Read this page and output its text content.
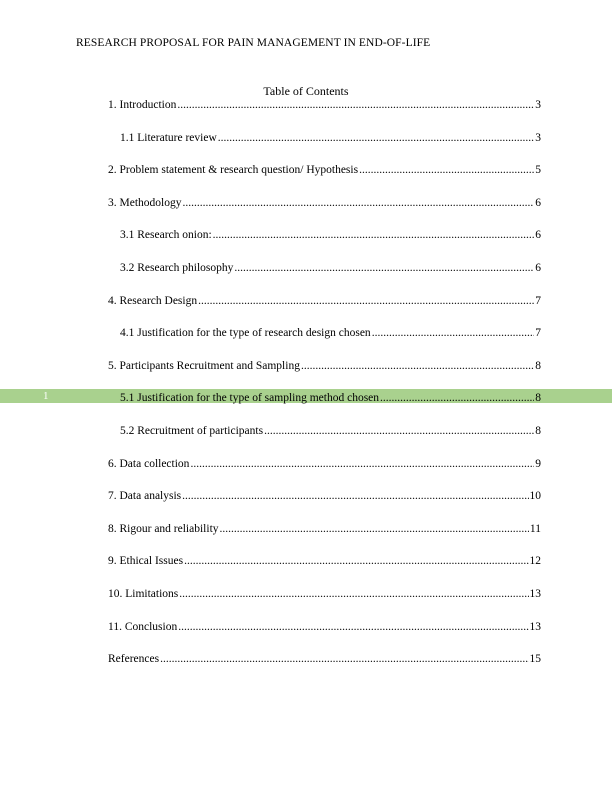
RESEARCH PROPOSAL FOR PAIN MANAGEMENT IN END-OF-LIFE
Table of Contents
1
1. Introduction .....	3
1.1 Literature review .....	3
2. Problem statement & research question/ Hypothesis .....	5
3. Methodology .....	6
3.1 Research onion: .....	6
3.2 Research philosophy .....	6
4. Research Design .....	7
4.1 Justification for the type of research design chosen .....	7
5. Participants Recruitment and Sampling .....	8
5.1 Justification for the type of sampling method chosen .....	8
5.2 Recruitment of participants .....	8
6. Data collection .....	9
7. Data analysis .....	10
8. Rigour and reliability .....	11
9. Ethical Issues .....	12
10. Limitations .....	13
11. Conclusion .....	13
References .....	15
